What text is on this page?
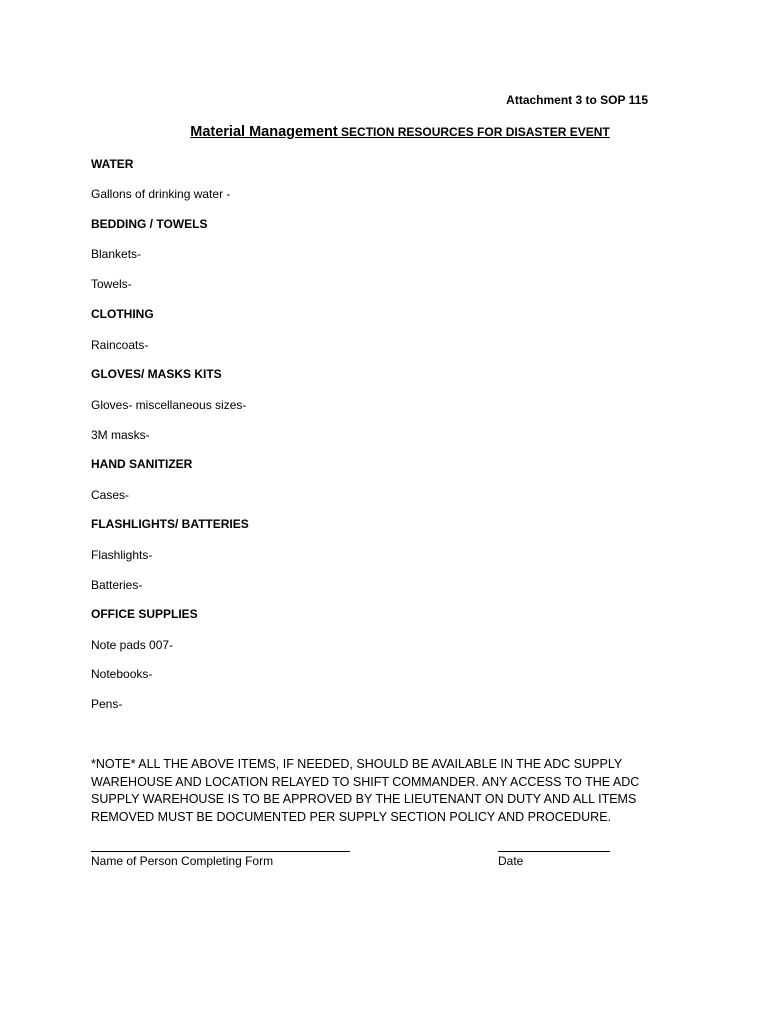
Attachment 3 to SOP 115
Material Management SECTION RESOURCES FOR DISASTER EVENT
WATER
Gallons of drinking water -
BEDDING / TOWELS
Blankets-
Towels-
CLOTHING
Raincoats-
GLOVES/ MASKS KITS
Gloves- miscellaneous sizes-
3M masks-
HAND SANITIZER
Cases-
FLASHLIGHTS/ BATTERIES
Flashlights-
Batteries-
OFFICE SUPPLIES
Note pads 007-
Notebooks-
Pens-
*NOTE* ALL THE ABOVE ITEMS, IF NEEDED, SHOULD BE AVAILABLE IN THE ADC SUPPLY
WAREHOUSE AND LOCATION RELAYED TO SHIFT COMMANDER. ANY ACCESS TO THE ADC
SUPPLY WAREHOUSE IS TO BE APPROVED BY THE LIEUTENANT ON DUTY AND ALL ITEMS
REMOVED MUST BE DOCUMENTED PER SUPPLY SECTION POLICY AND PROCEDURE.
Name of Person Completing Form	Date
